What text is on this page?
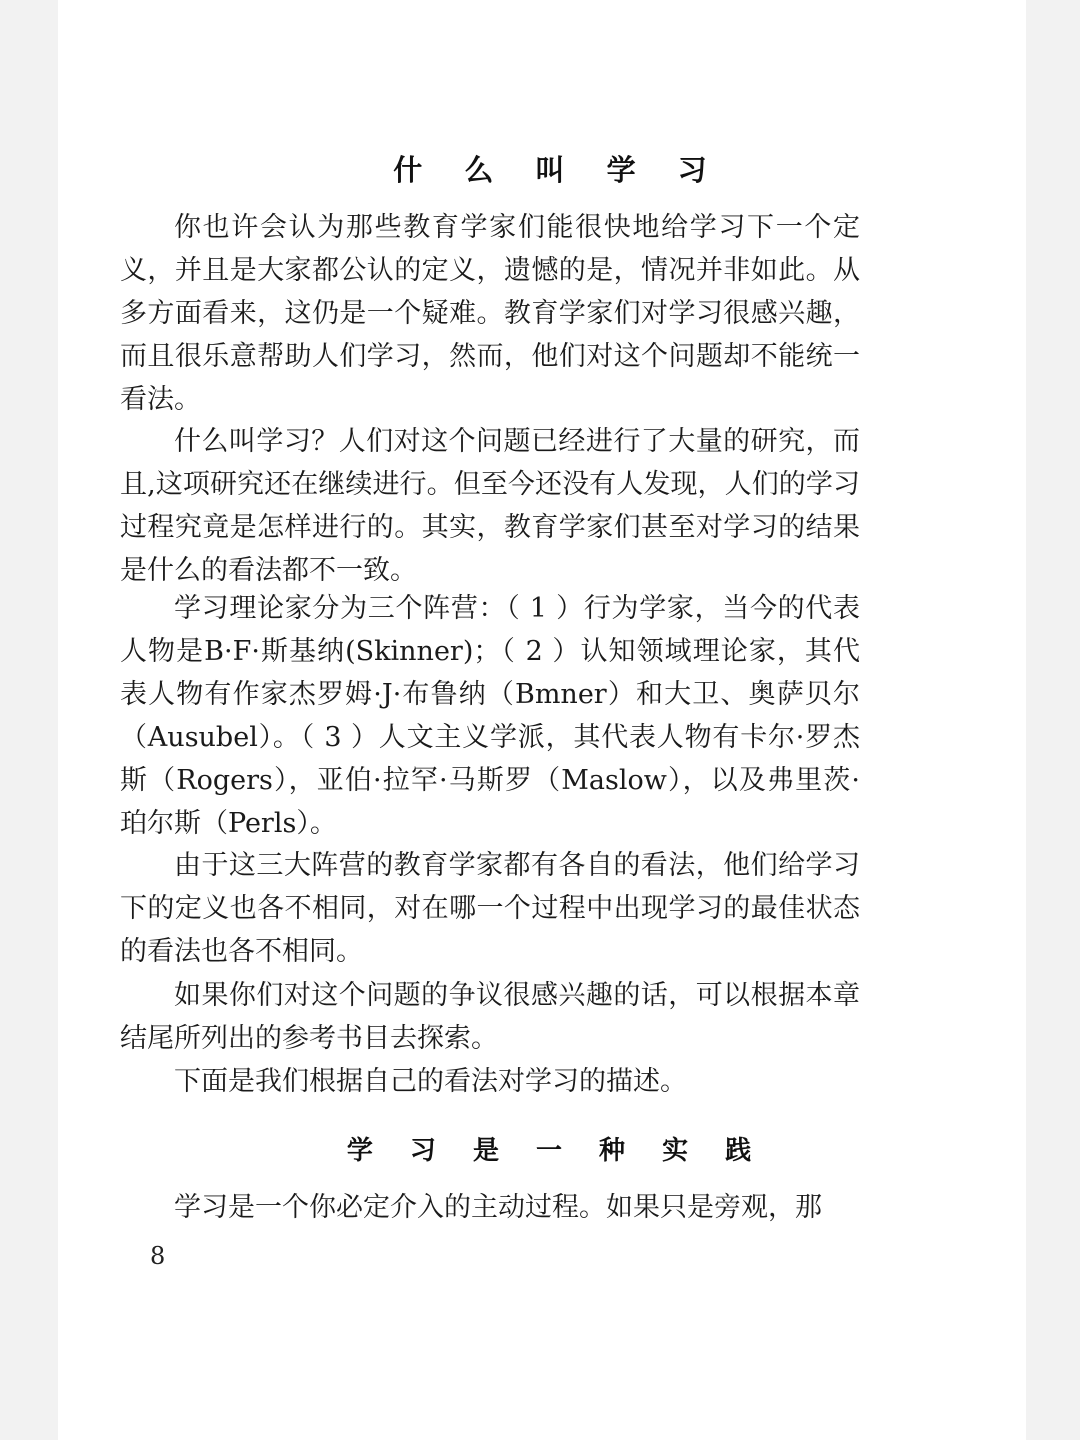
什 么 叫 学 习

你也许会认为那些教育学家们能很快地给学习下一个定义，并且是大家都公认的定义，遗憾的是，情况并非如此。从多方面看来，这仍是一个疑难。教育学家们对学习很感兴趣，而且很乐意帮助人们学习，然而，他们对这个问题却不能统一看法。

什么叫学习？人们对这个问题已经进行了大量的研究，而且,这项研究还在继续进行。但至今还没有人发现，人们的学习过程究竟是怎样进行的。其实，教育学家们甚至对学习的结果是什么的看法都不一致。

学习理论家分为三个阵营：（ 1 ）行为学家，当今的代表人物是B·F·斯基纳(Skinner)；（ 2 ）认知领域理论家，其代表人物有作家杰罗姆·J·布鲁纳（Bmner）和大卫、奥萨贝尔（Ausubel）。（ 3 ）人文主义学派，其代表人物有卡尔·罗杰斯（Rogers），亚伯·拉罕·马斯罗（Maslow），以及弗里茨·珀尔斯（Perls）。

由于这三大阵营的教育学家都有各自的看法，他们给学习下的定义也各不相同，对在哪一个过程中出现学习的最佳状态的看法也各不相同。

如果你们对这个问题的争议很感兴趣的话，可以根据本章结尾所列出的参考书目去探索。

下面是我们根据自己的看法对学习的描述。

学 习 是 一 种 实 践

学习是一个你必定介入的主动过程。如果只是旁观，那

8
